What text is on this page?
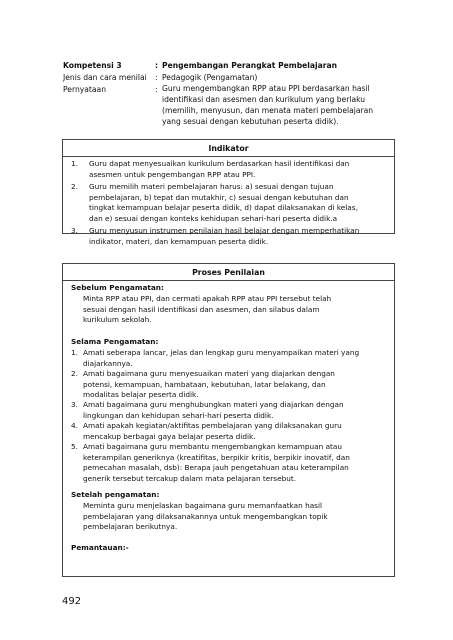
Kompetensi 3	: Pengembangan Perangkat Pembelajaran
Jenis dan cara menilai	: Pedagogik (Pengamatan)
Pernyataan	: Guru mengembangkan RPP atau PPI berdasarkan hasil
identifikasi dan asesmen dan kurikulum yang berlaku
(memilih, menyusun, dan menata materi pembelajaran
yang sesuai dengan kebutuhan peserta didik).
Indikator
1. Guru dapat menyesuaikan kurikulum berdasarkan hasil identifikasi dan
asesmen untuk pengembangan RPP atau PPI.
2. Guru memilih materi pembelajaran harus: a) sesuai dengan tujuan
pembelajaran, b) tepat dan mutakhir, c) sesuai dengan kebutuhan dan
tingkat kemampuan belajar peserta didik, d) dapat dilaksanakan di kelas,
dan e) sesuai dengan konteks kehidupan sehari-hari peserta didik.a
3. Guru menyusun instrumen penilaian hasil belajar dengan memperhatikan
indikator, materi, dan kemampuan peserta didik.
Proses Penilaian
Sebelum Pengamatan:
Minta RPP atau PPI, dan cermati apakah RPP atau PPI tersebut telah
sesuai dengan hasil identifikasi dan asesmen, dan silabus dalam
kurikulum sekolah.
Selama Pengamatan:
1. Amati seberapa lancar, jelas dan lengkap guru menyampaikan materi yang
diajarkannya.
2. Amati bagaimana guru menyesuaikan materi yang diajarkan dengan
potensi, kemampuan, hambataan, kebutuhan, latar belakang, dan
modalitas belajar peserta didik.
3. Amati bagaimana guru menghubungkan materi yang diajarkan dengan
lingkungan dan kehidupan sehari-hari peserta didik.
4. Amati apakah kegiatan/aktifitas pembelajaran yang dilaksanakan guru
mencakup berbagai gaya belajar peserta didik.
5. Amati bagaimana guru membantu mengembangkan kemampuan atau
keterampilan generiknya (kreatifitas, berpikir kritis, berpikir inovatif, dan
pemecahan masalah, dsb): Berapa jauh pengetahuan atau keterampilan
generik tersebut tercakup dalam mata pelajaran tersebut.
Setelah pengamatan:
Meminta guru menjelaskan bagaimana guru memanfaatkan hasil
pembelajaran yang dilaksanakannya untuk mengembangkan topik
pembelajaran berikutnya.
Pemantauan:-
492
